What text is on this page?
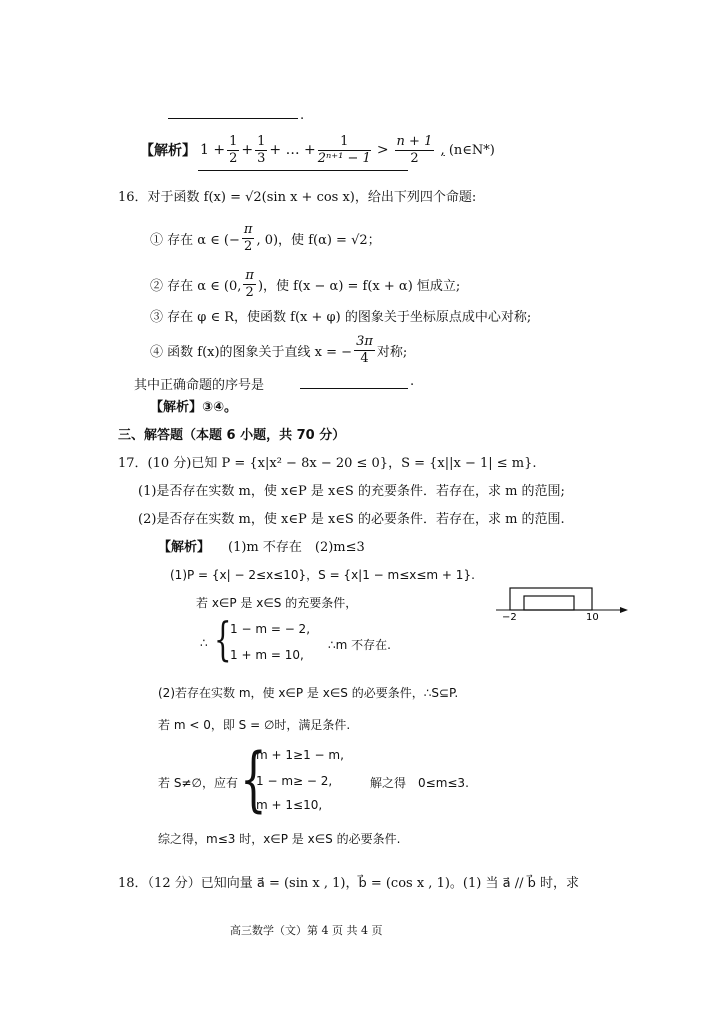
.
【解析】 $1 + \frac{1}{2} + \frac{1}{3}$ + … + $\frac{1}{\text{2ⁿ⁺¹ − 1}} > \frac{n + 1}{2}$ , (n∈N*)
16．对于函数 f(x) = √2(sin x + cos x)，给出下列四个命题:
① 存在 α ∈ (− $\frac{\pi}{2}$ , 0)，使 f(α) = √2；
② 存在 α ∈ (0, $\frac{\pi}{2}$ )，使 f(x − α) = f(x + α) 恒成立;
③ 存在 φ ∈ R，使函数 f(x + φ) 的图象关于坐标原点成中心对称;
④ 函数 f(x)的图象关于直线 x = − $\frac{3\pi}{4}$ 对称;
其中正确命题的序号是	.
【解析】③④。
三、解答题（本题 6 小题，共 70 分）
17．(10 分)已知 P = {x|x² − 8x − 20 ≤ 0}，S = {x||x − 1| ≤ m}.
(1)是否存在实数 m，使 x∈P 是 x∈S 的充要条件．若存在，求 m 的范围;
(2)是否存在实数 m，使 x∈P 是 x∈S 的必要条件．若存在，求 m 的范围.
【解析】 (1)m 不存在　(2)m≤3
(1)P = {x| − 2≤x≤10}，S = {x|1 − m≤x≤m + 1}.
若 x∈P 是 x∈S 的充要条件，
−2	10
∴ {
1 − m = − 2,
1 + m = 10,
∴m 不存在.
(2)若存在实数 m，使 x∈P 是 x∈S 的必要条件，∴S⊆P.
若 m < 0，即 S = ∅时，满足条件.
若 S≠∅，应有 {
m + 1≥1 − m,
1 − m≥ − 2,
m + 1≤10,
解之得　0≤m≤3.
综之得，m≤3 时，x∈P 是 x∈S 的必要条件.
18．（12 分）已知向量 a⃗ = (sin x , 1)，b⃗ = (cos x , 1)。(1) 当 a⃗ // b⃗ 时，求
高三数学（文）第 4 页 共 4 页
